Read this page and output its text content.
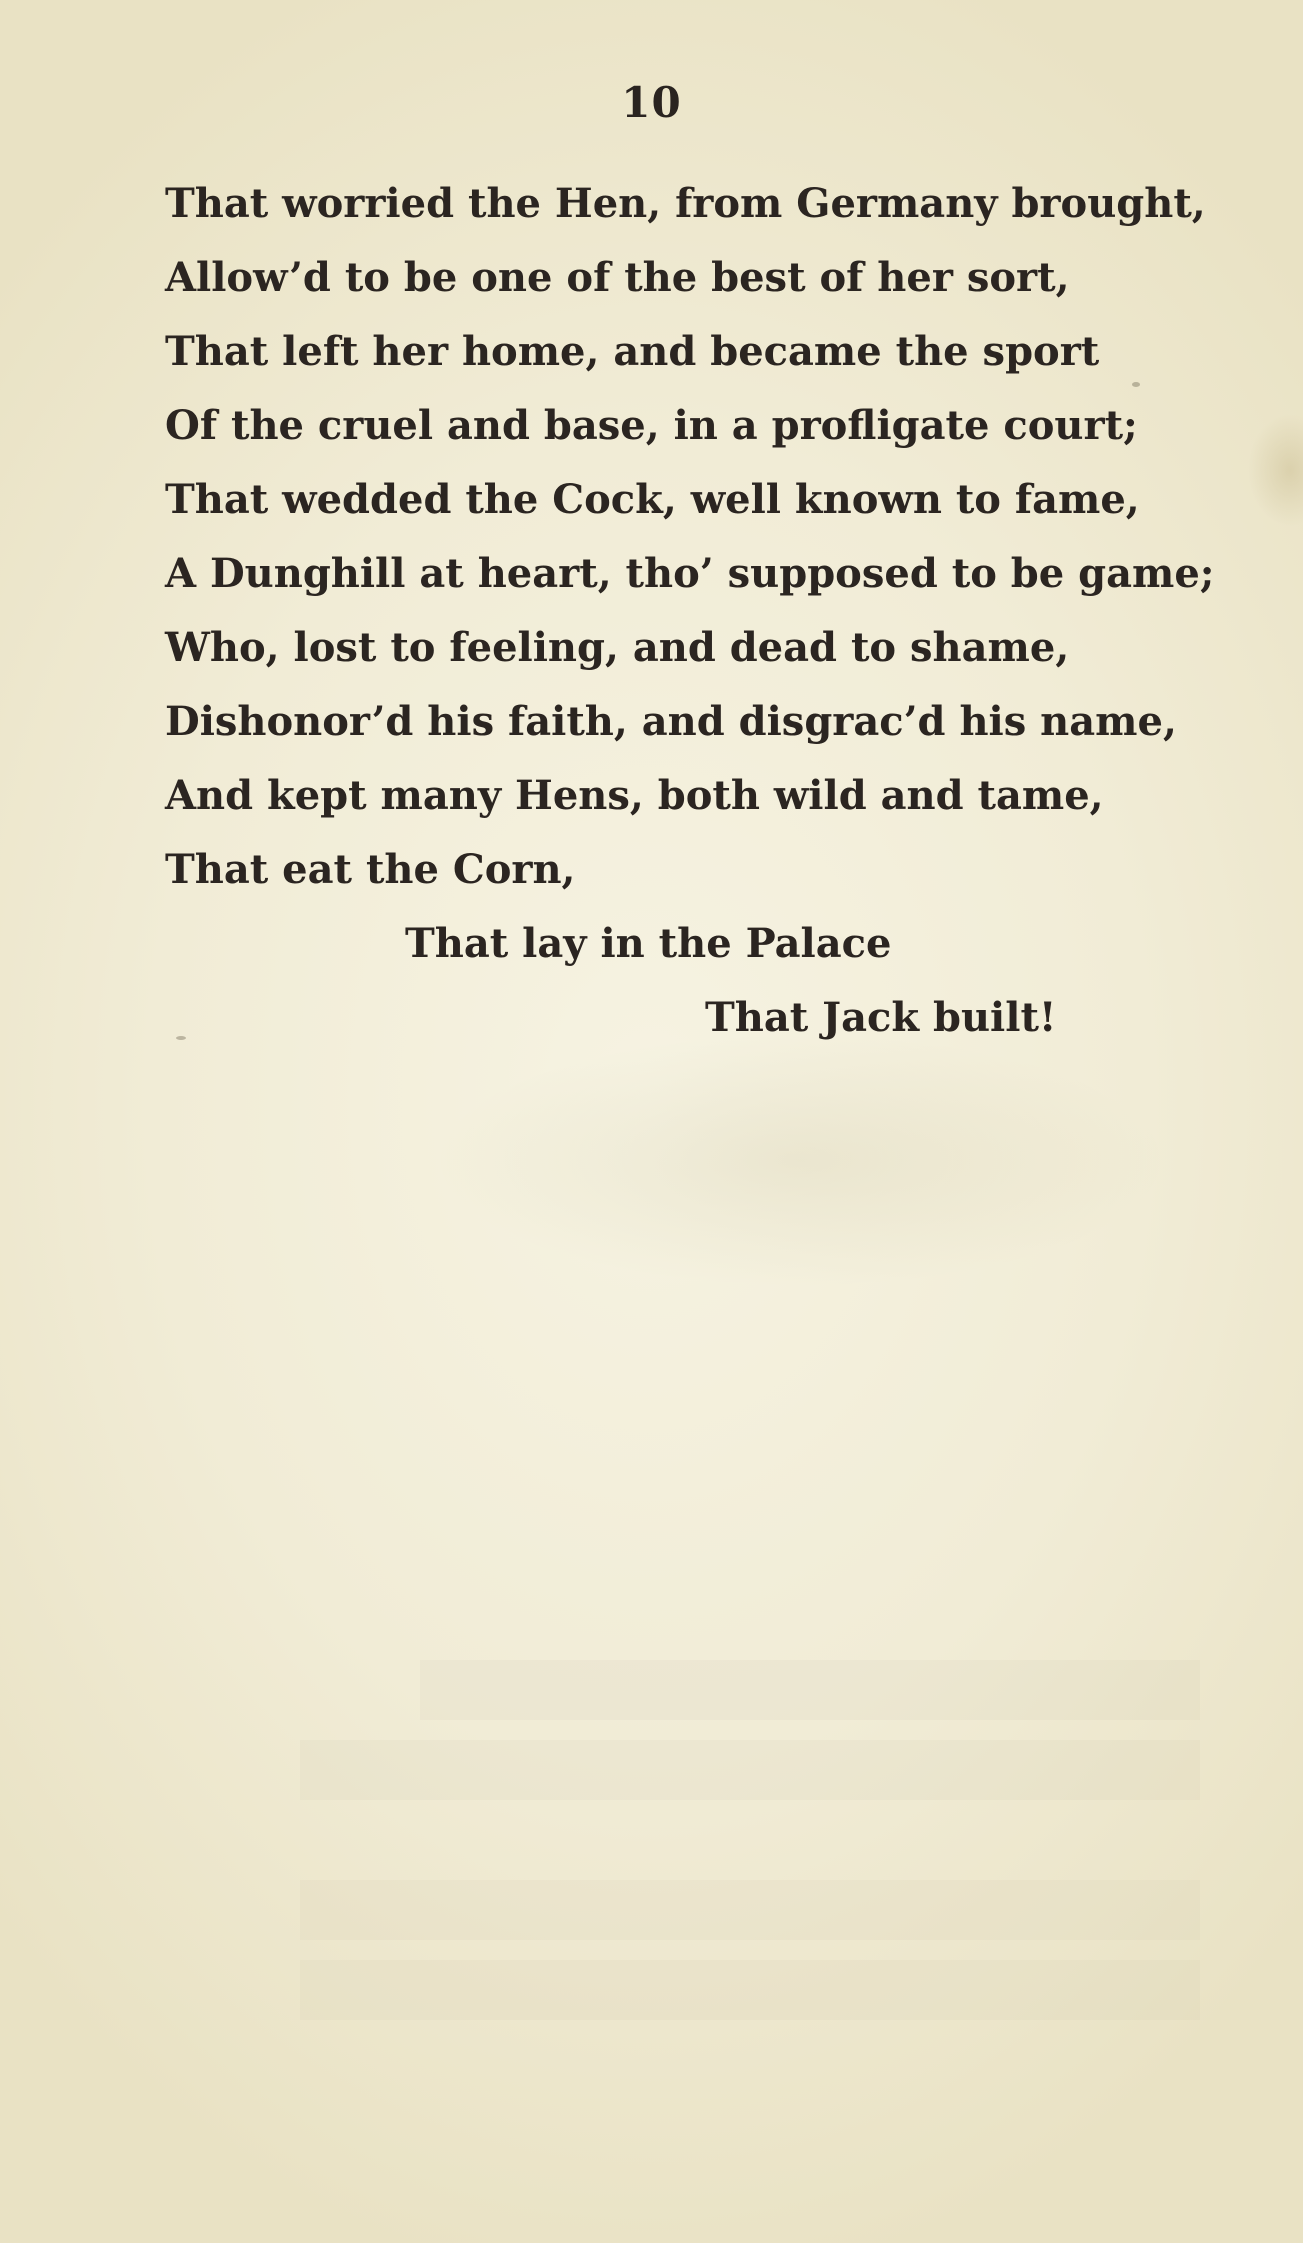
10
That worried the Hen, from Germany brought,
Allow’d to be one of the best of her sort,
That left her home, and became the sport
Of the cruel and base, in a profligate court;
That wedded the Cock, well known to fame,
A Dunghill at heart, tho’ supposed to be game;
Who, lost to feeling, and dead to shame,
Dishonor’d his faith, and disgrac’d his name,
And kept many Hens, both wild and tame,
That eat the Corn,
That lay in the Palace
That Jack built!
